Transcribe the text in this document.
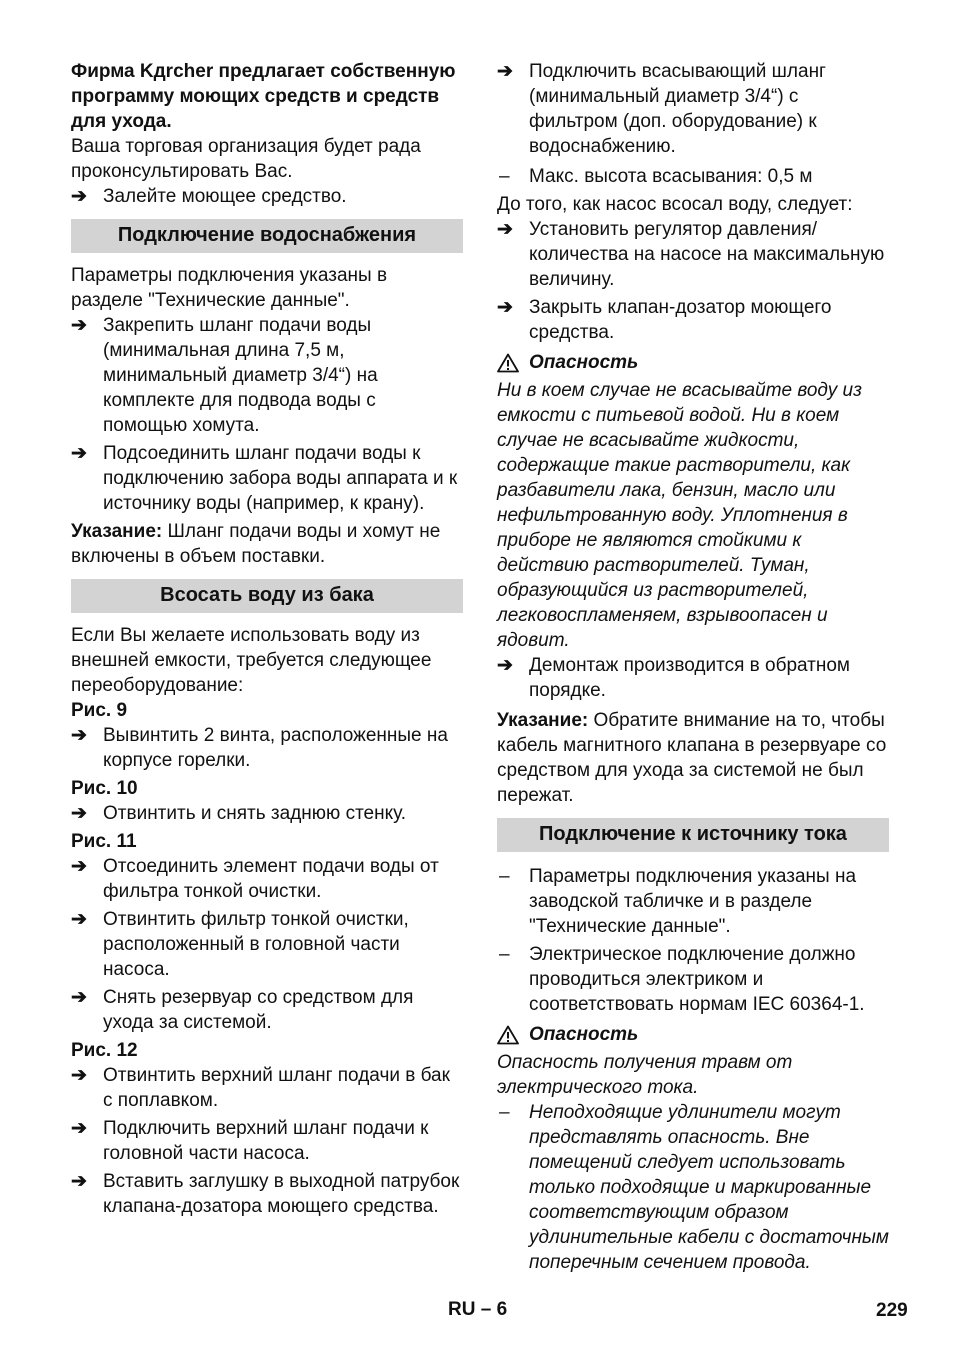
Фирма Kдrcher предлагает собственную программу моющих средств и средств для ухода.

Ваша торговая организация будет рада проконсультировать Вас.

➔ Залейте моющее средство.
Подключение водоснабжения

Параметры подключения указаны в разделе "Технические данные".

➔ Закрепить шланг подачи воды (минимальная длина 7,5 м, минимальный диаметр 3/4“) на комплекте для подвода воды с помощью хомута.
➔ Подсоединить шланг подачи воды к подключению забора воды аппарата и к источнику воды (например, к крану).

Указание: Шланг подачи воды и хомут не включены в объем поставки.

Всосать воду из бака

Если Вы желаете использовать воду из внешней емкости, требуется следующее переоборудование:

Рис. 9

➔ Вывинтить 2 винта, расположенные на корпусе горелки.

Рис. 10

➔ Отвинтить и снять заднюю стенку.

Рис. 11

➔ Отсоединить элемент подачи воды от фильтра тонкой очистки.
➔ Отвинтить фильтр тонкой очистки, расположенный в головной части насоса.
➔ Снять резервуар со средством для ухода за системой.

Рис. 12

➔ Отвинтить верхний шланг подачи в бак с поплавком.
➔ Подключить верхний шланг подачи к головной части насоса.
➔ Вставить заглушку в выходной патрубок клапана-дозатора моющего средства.
➔ Подключить всасывающий шланг (минимальный диаметр 3/4“) с фильтром (доп. оборудование) к водоснабжению.
– Макс. высота всасывания: 0,5 м

До того, как насос всосал воду, следует:

➔ Установить регулятор давления/количества на насосе на максимальную величину.
➔ Закрыть клапан-дозатор моющего средства.
Опасность

Ни в коем случае не всасывайте воду из емкости с питьевой водой. Ни в коем случае не всасывайте жидкости, содержащие такие растворители, как разбавители лака, бензин, масло или нефильтрованную воду. Уплотнения в приборе не являются стойкими к действию растворителей. Туман, образующийся из растворителей, легковоспламеняем, взрывоопасен и ядовит.

➔ Демонтаж производится в обратном порядке.

Указание: Обратите внимание на то, чтобы кабель магнитного клапана в резервуаре со средством для ухода за системой не был пережат.

Подключение к источнику тока
– Параметры подключения указаны на заводской табличке и в разделе "Технические данные".
– Электрическое подключение должно проводиться электриком и соответствовать нормам IEC 60364-1.
Опасность

Опасность получения травм от электрического тока.

– Неподходящие удлинители могут представлять опасность. Вне помещений следует использовать только подходящие и маркированные соответствующим образом удлинительные кабели с достаточным поперечным сечением провода.
RU – 6	229
